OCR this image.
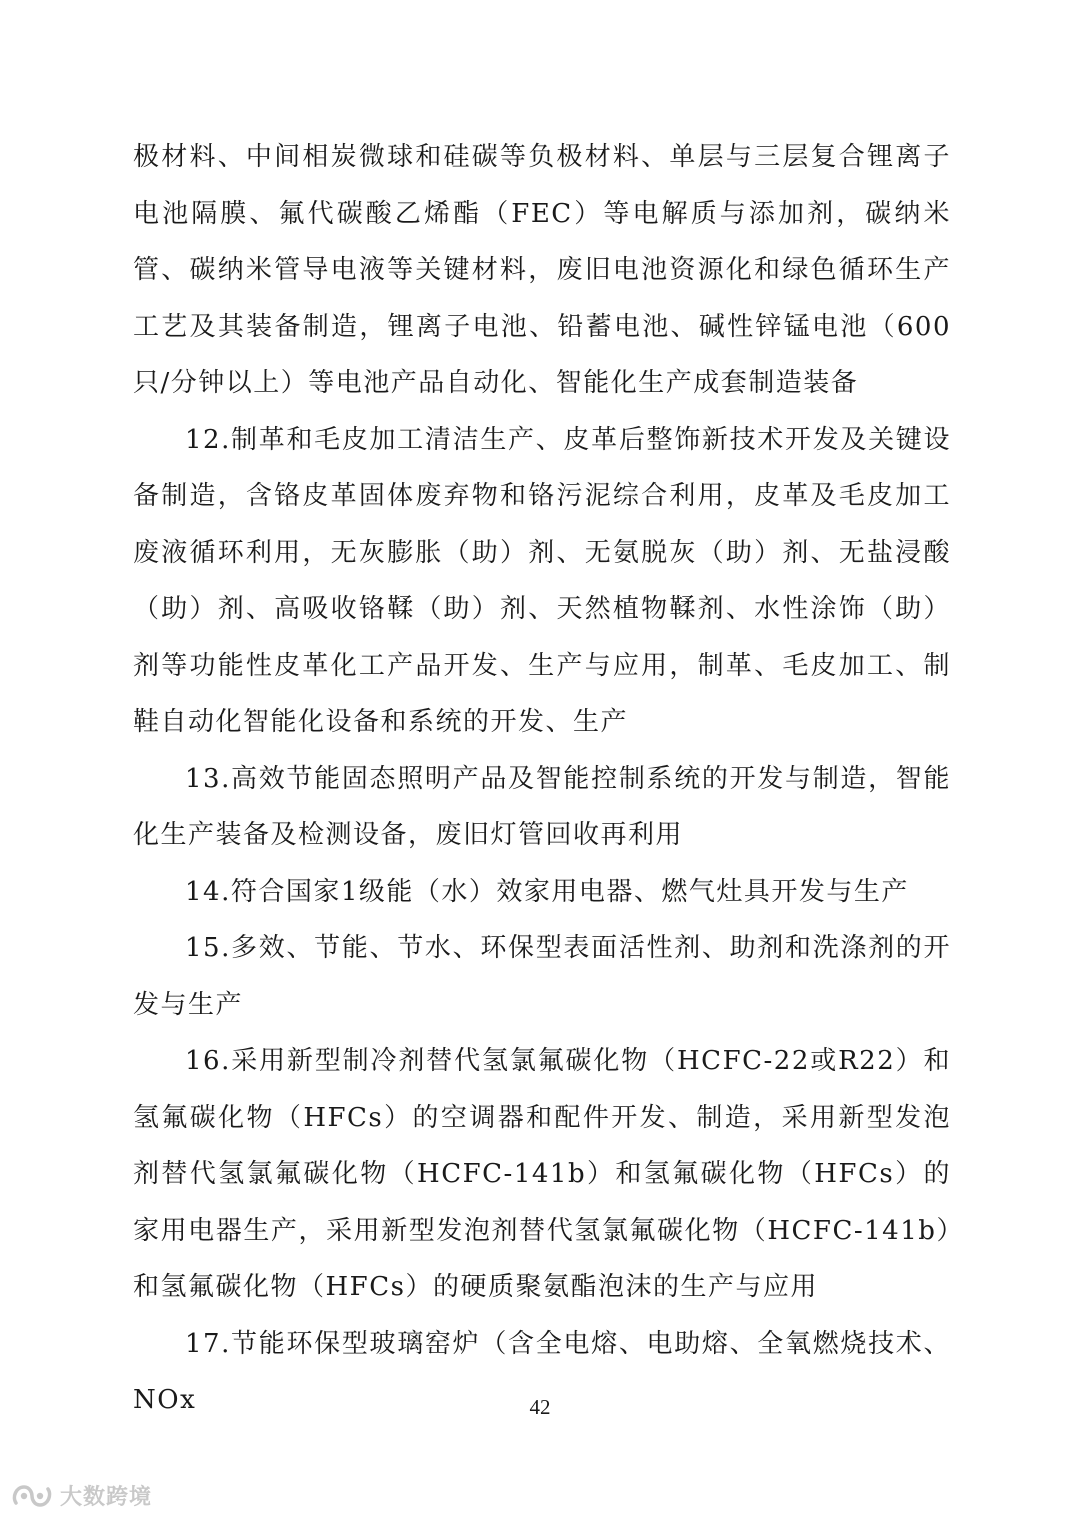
极材料、中间相炭微球和硅碳等负极材料、单层与三层复合锂离子电池隔膜、氟代碳酸乙烯酯（FEC）等电解质与添加剂，碳纳米管、碳纳米管导电液等关键材料，废旧电池资源化和绿色循环生产工艺及其装备制造，锂离子电池、铅蓄电池、碱性锌锰电池（600只/分钟以上）等电池产品自动化、智能化生产成套制造装备

12.制革和毛皮加工清洁生产、皮革后整饰新技术开发及关键设备制造，含铬皮革固体废弃物和铬污泥综合利用，皮革及毛皮加工废液循环利用，无灰膨胀（助）剂、无氨脱灰（助）剂、无盐浸酸（助）剂、高吸收铬鞣（助）剂、天然植物鞣剂、水性涂饰（助）剂等功能性皮革化工产品开发、生产与应用，制革、毛皮加工、制鞋自动化智能化设备和系统的开发、生产

13.高效节能固态照明产品及智能控制系统的开发与制造，智能化生产装备及检测设备，废旧灯管回收再利用

14.符合国家1级能（水）效家用电器、燃气灶具开发与生产

15.多效、节能、节水、环保型表面活性剂、助剂和洗涤剂的开发与生产

16.采用新型制冷剂替代氢氯氟碳化物（HCFC-22或R22）和氢氟碳化物（HFCs）的空调器和配件开发、制造，采用新型发泡剂替代氢氯氟碳化物（HCFC-141b）和氢氟碳化物（HFCs）的家用电器生产，采用新型发泡剂替代氢氯氟碳化物（HCFC-141b）和氢氟碳化物（HFCs）的硬质聚氨酯泡沫的生产与应用

17.节能环保型玻璃窑炉（含全电熔、电助熔、全氧燃烧技术、NOx	42
大数跨境
